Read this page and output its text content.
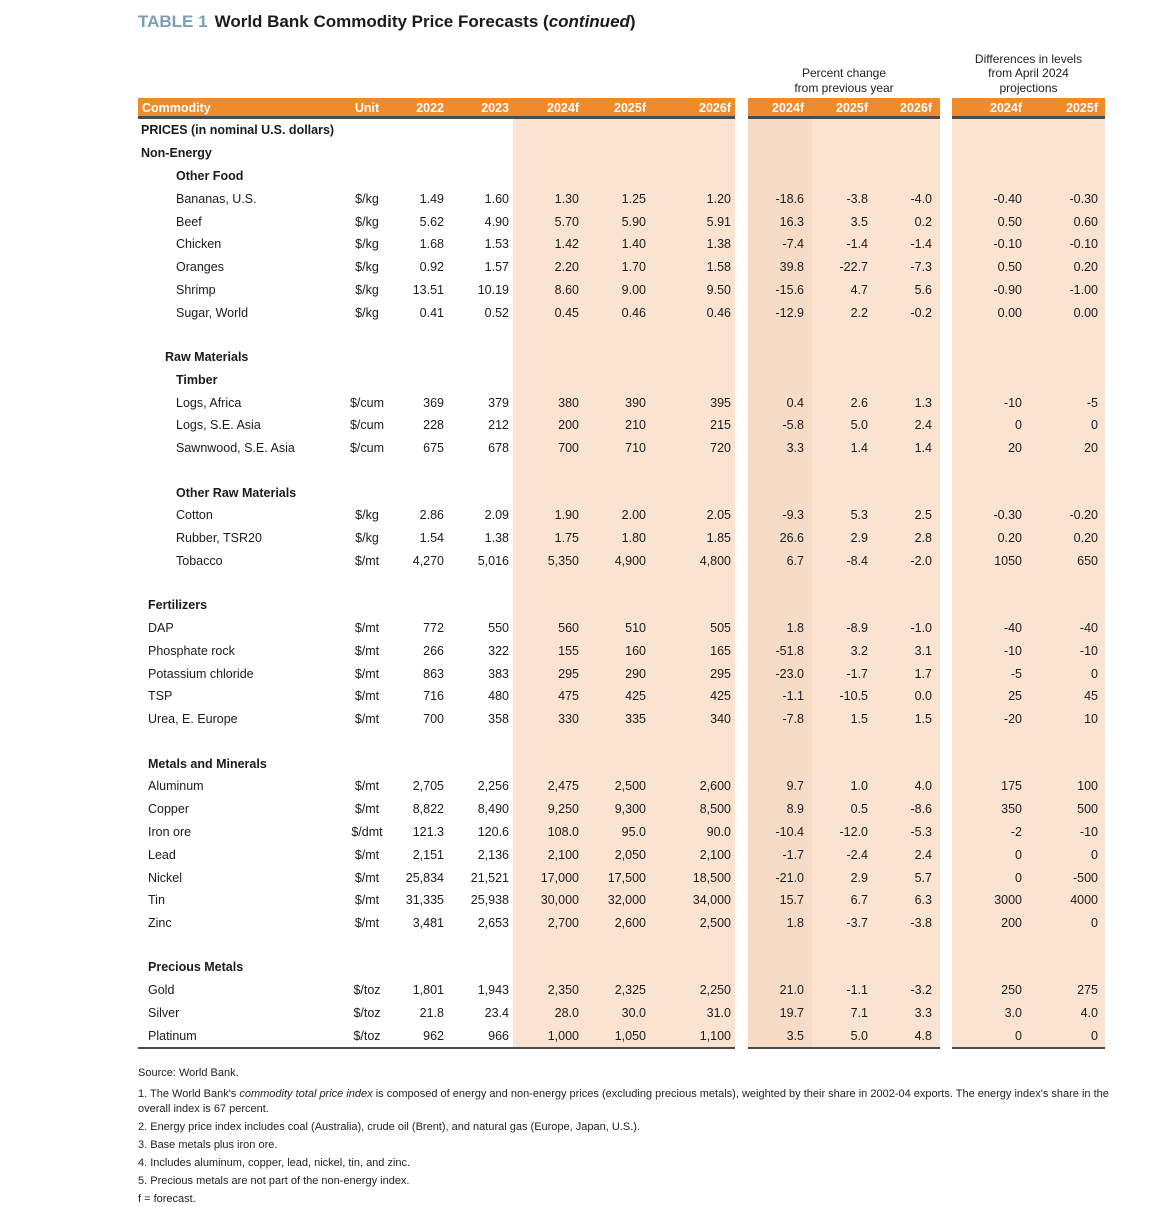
TABLE 1 World Bank Commodity Price Forecasts (continued)
Percent change
from previous year
Differences in levels
from April 2024
projections
Commodity	Unit	2022	2023	2024f	2025f	2026f	2024f	2025f	2026f	2024f	2025f
PRICES (in nominal U.S. dollars)
Non-Energy
Other Food
Bananas, U.S.	$/kg	1.49	1.60	1.30	1.25	1.20	-18.6	-3.8	-4.0	-0.40	-0.30
Beef	$/kg	5.62	4.90	5.70	5.90	5.91	16.3	3.5	0.2	0.50	0.60
Chicken	$/kg	1.68	1.53	1.42	1.40	1.38	-7.4	-1.4	-1.4	-0.10	-0.10
Oranges	$/kg	0.92	1.57	2.20	1.70	1.58	39.8	-22.7	-7.3	0.50	0.20
Shrimp	$/kg	13.51	10.19	8.60	9.00	9.50	-15.6	4.7	5.6	-0.90	-1.00
Sugar, World	$/kg	0.41	0.52	0.45	0.46	0.46	-12.9	2.2	-0.2	0.00	0.00
Raw Materials
Timber
Logs, Africa	$/cum	369	379	380	390	395	0.4	2.6	1.3	-10	-5
Logs, S.E. Asia	$/cum	228	212	200	210	215	-5.8	5.0	2.4	0	0
Sawnwood, S.E. Asia	$/cum	675	678	700	710	720	3.3	1.4	1.4	20	20
Other Raw Materials
Cotton	$/kg	2.86	2.09	1.90	2.00	2.05	-9.3	5.3	2.5	-0.30	-0.20
Rubber, TSR20	$/kg	1.54	1.38	1.75	1.80	1.85	26.6	2.9	2.8	0.20	0.20
Tobacco	$/mt	4,270	5,016	5,350	4,900	4,800	6.7	-8.4	-2.0	1050	650
Fertilizers
DAP	$/mt	772	550	560	510	505	1.8	-8.9	-1.0	-40	-40
Phosphate rock	$/mt	266	322	155	160	165	-51.8	3.2	3.1	-10	-10
Potassium chloride	$/mt	863	383	295	290	295	-23.0	-1.7	1.7	-5	0
TSP	$/mt	716	480	475	425	425	-1.1	-10.5	0.0	25	45
Urea, E. Europe	$/mt	700	358	330	335	340	-7.8	1.5	1.5	-20	10
Metals and Minerals
Aluminum	$/mt	2,705	2,256	2,475	2,500	2,600	9.7	1.0	4.0	175	100
Copper	$/mt	8,822	8,490	9,250	9,300	8,500	8.9	0.5	-8.6	350	500
Iron ore	$/dmt	121.3	120.6	108.0	95.0	90.0	-10.4	-12.0	-5.3	-2	-10
Lead	$/mt	2,151	2,136	2,100	2,050	2,100	-1.7	-2.4	2.4	0	0
Nickel	$/mt	25,834	21,521	17,000	17,500	18,500	-21.0	2.9	5.7	0	-500
Tin	$/mt	31,335	25,938	30,000	32,000	34,000	15.7	6.7	6.3	3000	4000
Zinc	$/mt	3,481	2,653	2,700	2,600	2,500	1.8	-3.7	-3.8	200	0
Precious Metals
Gold	$/toz	1,801	1,943	2,350	2,325	2,250	21.0	-1.1	-3.2	250	275
Silver	$/toz	21.8	23.4	28.0	30.0	31.0	19.7	7.1	3.3	3.0	4.0
Platinum	$/toz	962	966	1,000	1,050	1,100	3.5	5.0	4.8	0	0
Source: World Bank.
1. The World Bank's commodity total price index is composed of energy and non-energy prices (excluding precious metals), weighted by their share in 2002-04 exports. The energy index's share in the overall index is 67 percent.
2. Energy price index includes coal (Australia), crude oil (Brent), and natural gas (Europe, Japan, U.S.).
3. Base metals plus iron ore.
4. Includes aluminum, copper, lead, nickel, tin, and zinc.
5. Precious metals are not part of the non-energy index.
f = forecast.
